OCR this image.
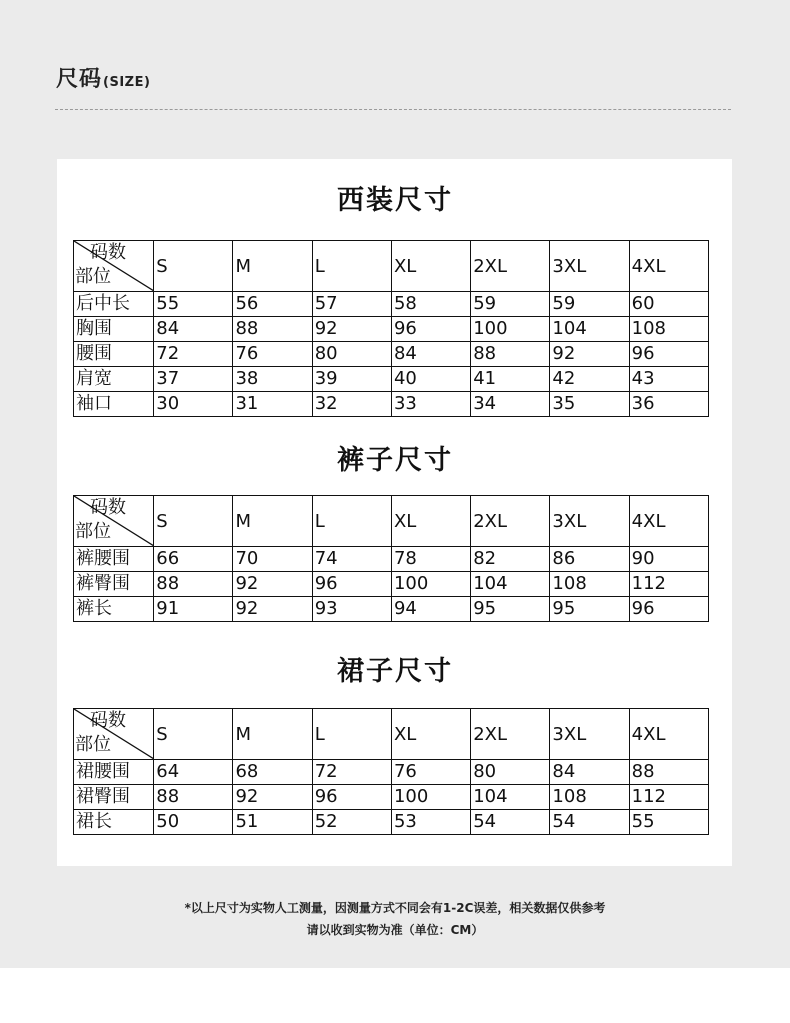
尺码(SIZE)
西装尺寸
码数
部位	S	M	L	XL	2XL	3XL	4XL
后中长	55	56	57	58	59	59	60
胸围	84	88	92	96	100	104	108
腰围	72	76	80	84	88	92	96
肩宽	37	38	39	40	41	42	43
袖口	30	31	32	33	34	35	36
裤子尺寸
码数
部位	S	M	L	XL	2XL	3XL	4XL
裤腰围	66	70	74	78	82	86	90
裤臀围	88	92	96	100	104	108	112
裤长	91	92	93	94	95	95	96
裙子尺寸
码数
部位	S	M	L	XL	2XL	3XL	4XL
裙腰围	64	68	72	76	80	84	88
裙臀围	88	92	96	100	104	108	112
裙长	50	51	52	53	54	54	55
*以上尺寸为实物人工测量，因测量方式不同会有1-2C误差，相关数据仅供参考
请以收到实物为准（单位：CM）
